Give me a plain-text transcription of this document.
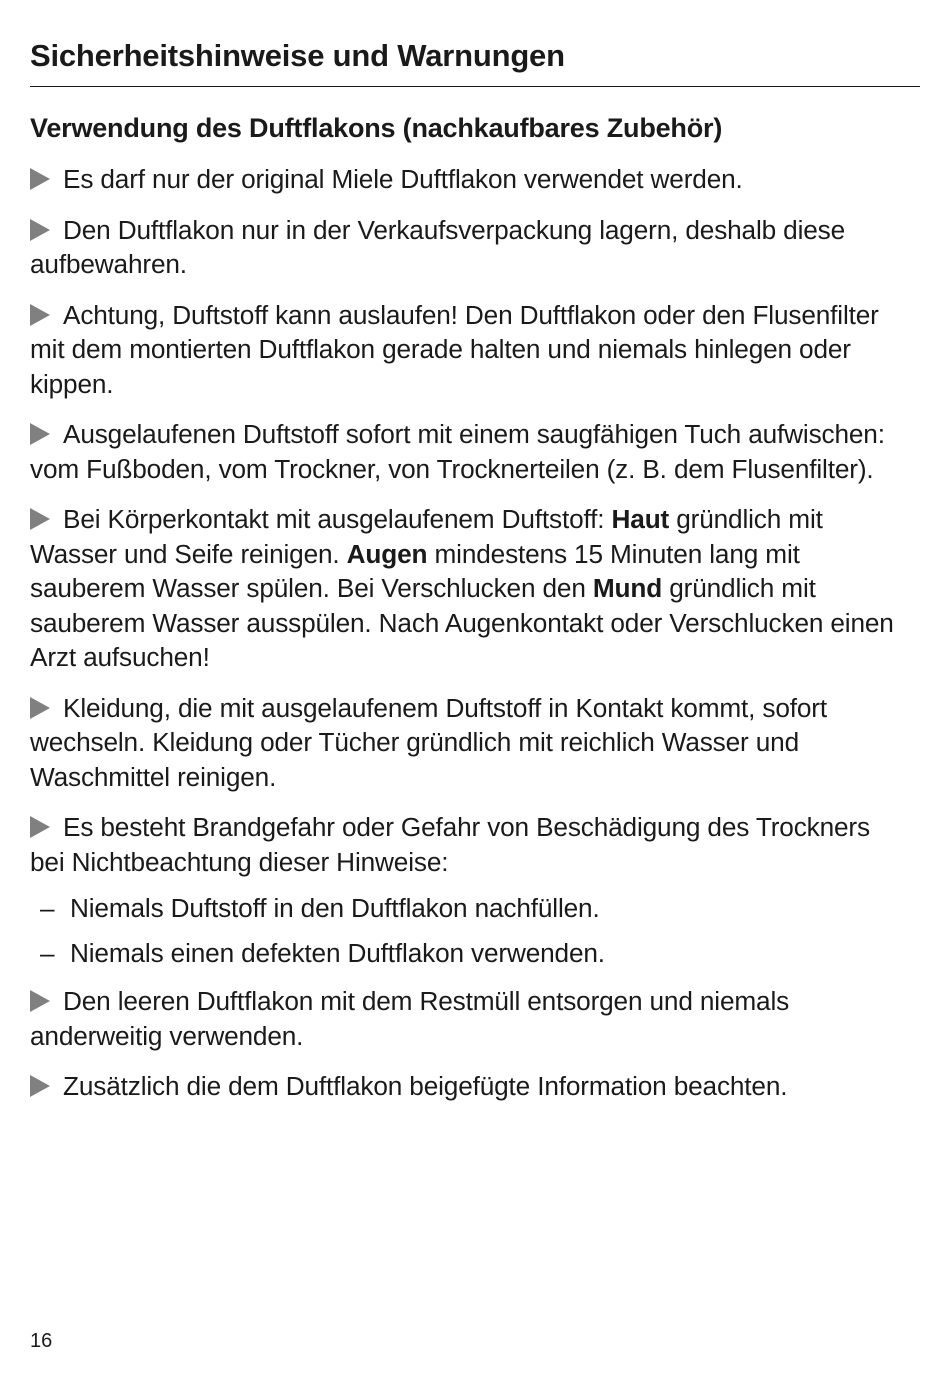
Sicherheitshinweise und Warnungen
Verwendung des Duftflakons (nachkaufbares Zubehör)
Es darf nur der original Miele Duftflakon verwendet werden.
Den Duftflakon nur in der Verkaufsverpackung lagern, deshalb diese aufbewahren.
Achtung, Duftstoff kann auslaufen! Den Duftflakon oder den Flusenfilter mit dem montierten Duftflakon gerade halten und niemals hinlegen oder kippen.
Ausgelaufenen Duftstoff sofort mit einem saugfähigen Tuch aufwischen: vom Fußboden, vom Trockner, von Trocknerteilen (z. B. dem Flusenfilter).
Bei Körperkontakt mit ausgelaufenem Duftstoff: Haut gründlich mit Wasser und Seife reinigen. Augen mindestens 15 Minuten lang mit sauberem Wasser spülen. Bei Verschlucken den Mund gründlich mit sauberem Wasser ausspülen. Nach Augenkontakt oder Verschlucken einen Arzt aufsuchen!
Kleidung, die mit ausgelaufenem Duftstoff in Kontakt kommt, sofort wechseln. Kleidung oder Tücher gründlich mit reichlich Wasser und Waschmittel reinigen.
Es besteht Brandgefahr oder Gefahr von Beschädigung des Trockners bei Nichtbeachtung dieser Hinweise:
– Niemals Duftstoff in den Duftflakon nachfüllen.
– Niemals einen defekten Duftflakon verwenden.
Den leeren Duftflakon mit dem Restmüll entsorgen und niemals anderweitig verwenden.
Zusätzlich die dem Duftflakon beigefügte Information beachten.
16
